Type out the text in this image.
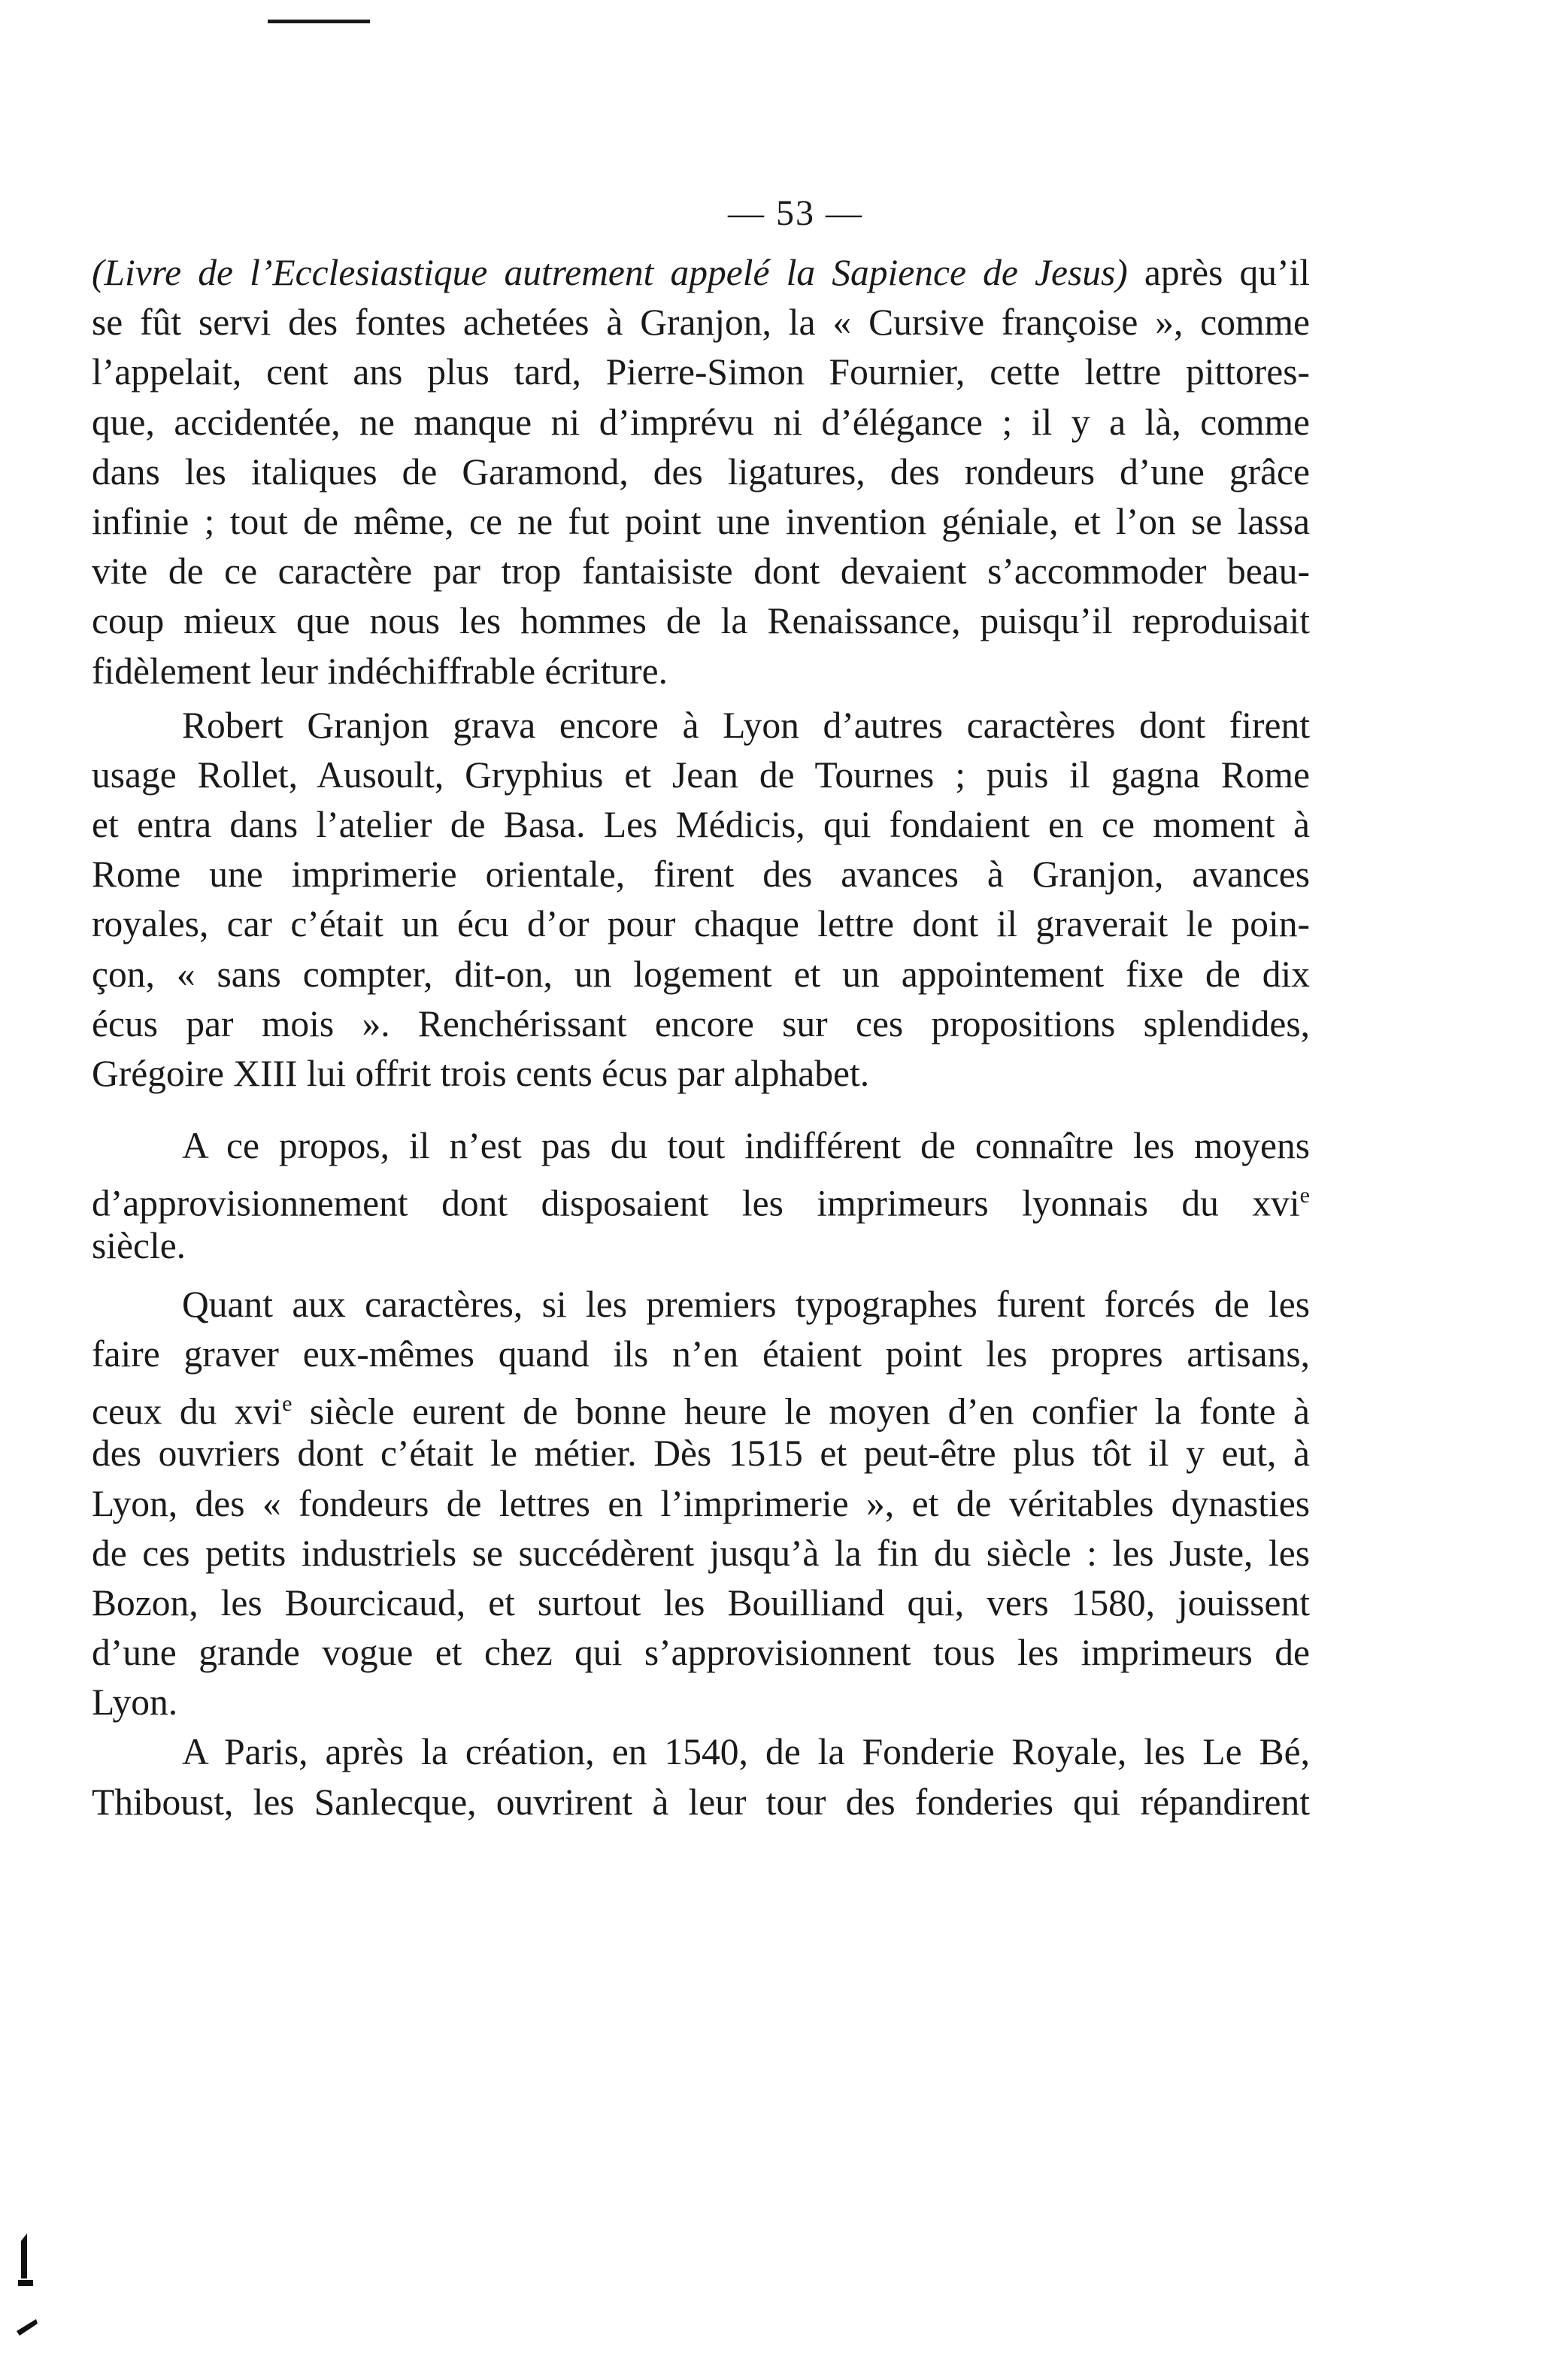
— 53 —
(Livre de l’Ecclesiastique autrement appelé la Sapience de Jesus) après qu’il
se fût servi des fontes achetées à Granjon, la « Cursive françoise », comme
l’appelait, cent ans plus tard, Pierre-Simon Fournier, cette lettre pittores-
que, accidentée, ne manque ni d’imprévu ni d’élégance ; il y a là, comme
dans les italiques de Garamond, des ligatures, des rondeurs d’une grâce
infinie ; tout de même, ce ne fut point une invention géniale, et l’on se lassa
vite de ce caractère par trop fantaisiste dont devaient s’accommoder beau-
coup mieux que nous les hommes de la Renaissance, puisqu’il reproduisait
fidèlement leur indéchiffrable écriture.
Robert Granjon grava encore à Lyon d’autres caractères dont firent
usage Rollet, Ausoult, Gryphius et Jean de Tournes ; puis il gagna Rome
et entra dans l’atelier de Basa. Les Médicis, qui fondaient en ce moment à
Rome une imprimerie orientale, firent des avances à Granjon, avances
royales, car c’était un écu d’or pour chaque lettre dont il graverait le poin-
çon, « sans compter, dit-on, un logement et un appointement fixe de dix
écus par mois ». Renchérissant encore sur ces propositions splendides,
Grégoire XIII lui offrit trois cents écus par alphabet.
A ce propos, il n’est pas du tout indifférent de connaître les moyens
d’approvisionnement dont disposaient les imprimeurs lyonnais du xvi$^e$
siècle.
Quant aux caractères, si les premiers typographes furent forcés de les
faire graver eux-mêmes quand ils n’en étaient point les propres artisans,
ceux du xvi$^e$ siècle eurent de bonne heure le moyen d’en confier la fonte à
des ouvriers dont c’était le métier. Dès 1515 et peut-être plus tôt il y eut, à
Lyon, des « fondeurs de lettres en l’imprimerie », et de véritables dynasties
de ces petits industriels se succédèrent jusqu’à la fin du siècle : les Juste, les
Bozon, les Bourcicaud, et surtout les Bouilliand qui, vers 1580, jouissent
d’une grande vogue et chez qui s’approvisionnent tous les imprimeurs de
Lyon.
A Paris, après la création, en 1540, de la Fonderie Royale, les Le Bé,
Thiboust, les Sanlecque, ouvrirent à leur tour des fonderies qui répandirent
